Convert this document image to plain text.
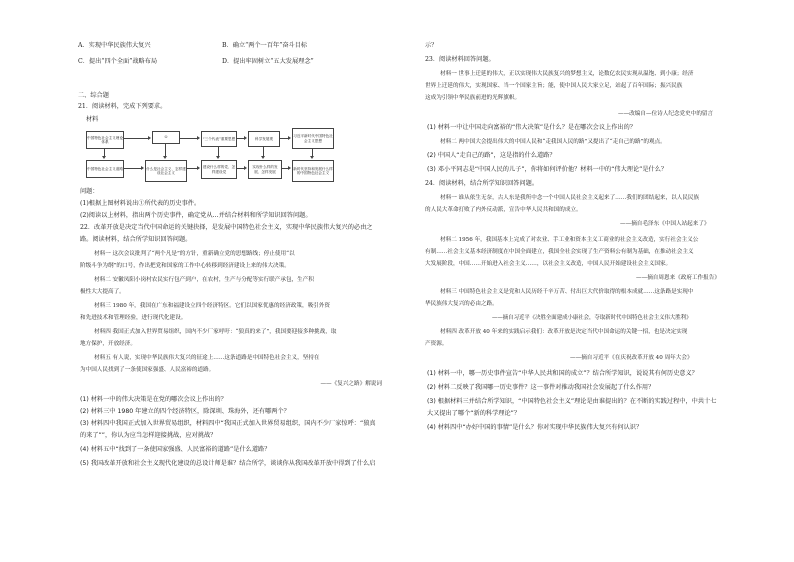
A．实现中华民族伟大复兴	B．确立“两个一百年”奋斗目标
C．提出“四个全面”战略布局	D．提出牢固树立“五大发展理念”
二、综合题
21．阅读材料，完成下列要求。
材料
中国特色社会主义理论体系
①	“三个代表”重要思想	科学发展观
习近平新时代中国特色社会主义思想
中国特色社会主义道路	什么是社会主义、怎样建设社会主义
建设什么样的党、怎样建设党
实现什么样的发展、怎样发展
新时代坚持和发展什么样的中国特色社会主义
问题：
(1)根据上图材料说出①所代表的历史事件。
(2)阅读以上材料，指出两个历史事件，确定党从…并结合材料和所学知识回答问题。
22．改革开放是决定当代中国命运的关键抉择，是发展中国特色社会主义，实现中华民族伟大复兴的必由之
路。阅读材料，结合所学知识回答问题。
材料一 这次会议批判了“两个凡是”的方针，重新确立党的思想路线；停止使用“以
阶级斗争为纲”的口号，作出把党和国家的工作中心转移到经济建设上来的伟大决策。
材料二 安徽凤阳小岗村农民实行包产到户，在农村，生产与分配等实行联产承包，生产积
极性大大提高了。
材料三 1980 年，我国在广东和福建设立四个经济特区。它们以国家优惠的经济政策，吸引外资
和先进技术和管理经验，进行现代化建设。
材料四 我国正式加入世界贸易组织，国内不少厂家呼吁：“狼真的来了”，我国要迎接多种挑战，取
地方保护，开放经济。
材料五 有人说，实现中华民族伟大复兴的征途上……这条道路是中国特色社会主义，坚持在
为中国人民找到了一条使国家强盛、人民富裕的道路。
——《复兴之路》解说词
(1) 材料一中的伟大决策是在党的哪次会议上作出的？
(2) 材料三中 1980 年建立的四个经济特区，除深圳、珠海外，还有哪两个？
(3) 材料四中我国正式加入世界贸易组织，材料四中“我国正式加入世界贸易组织，国内不少厂家惊呼：“狼真
的来了””，你认为应当怎样迎接挑战，应对挑战？
(4) 材料五中“找到了一条使国家强盛、人民富裕的道路”是什么道路？
(5) 我国改革开放和社会主义现代化建设的总设计师是谁？结合所学，谈谈你从我国改革开放中得到了什么启
示？
23．阅读材料回答问题。
材料一 世事上迁延的伟大，正以实现伟大民族复兴的梦想主义，论数亿农民实现从温饱、到小康；经济
世界上迁延的伟大，实现国家、当一个国家主旨；能，使中国人民大家立足，站起了百年国际；振兴民族
这成为引领中华民族前进的光辉旗帜。
——改编自—位诗人纪念党史中的留言
(1) 材料一中让中国走向富裕的“伟大决策”是什么？是在哪次会议上作出的？
材料二 两中国大会提出伟大的中国人民和“走我国人民的路”又提出了“走自己的路”的观点。
(2) 中国人“走自己的路”，这是指的什么道路？
(3) 邓小平同志是“中国人民的儿子”，你将如何评价他？材料一中的“伟大理论”是什么？
24．阅读材料，结合所学知识回答问题。
材料一 谁从依生无奈，古人东是我所中念一个中国人民社会主义起来了……我们的团结起来，以人民民族
的人民大革命打败了内外反动派，宣告中华人民共和国的成立。
——摘自毛泽东《中国人站起来了》
材料二 1956 年，我国基本上完成了对农业、手工业和资本主义工商业的社会主义改造，实行社会主义公
有制……社会主义基本经济制度在中国全面建立，我国全社会实现了生产资料公有制为基础，在推动社会主义
大发展阶段，中国……开始进入社会主义……，以社会主义改造，中国人民开始建设社会主义国家。
——摘自周恩来《政府工作报告》
材料三 中国特色社会主义是党和人民历经千辛万苦、付出巨大代价取得的根本成就……这条路是实现中
华民族伟大复兴的必由之路。
——摘自习近平《决胜全面建成小康社会，夺取新时代中国特色社会主义伟大胜利》
材料四 改革开放 40 年来的实践启示我们：改革开放是决定当代中国命运的关键一招，也是决定实现
产资源。
——摘自习近平《在庆祝改革开放 40 周年大会》
(1) 材料一中，哪一历史事件宣告“中华人民共和国的成立”？结合所学知识，说说其有何历史意义？
(2) 材料二反映了我国哪一历史事件？这一事件对推动我国社会发展起了什么作用？
(3) 根据材料三并结合所学知识，“中国特色社会主义”理论是由谁提出的？在不断的实践过程中，中共十七
大又提出了哪个“新的科学理论”？
(4) 材料四中“办好中国的事情”是什么？你对实现中华民族伟大复兴有何认识？
